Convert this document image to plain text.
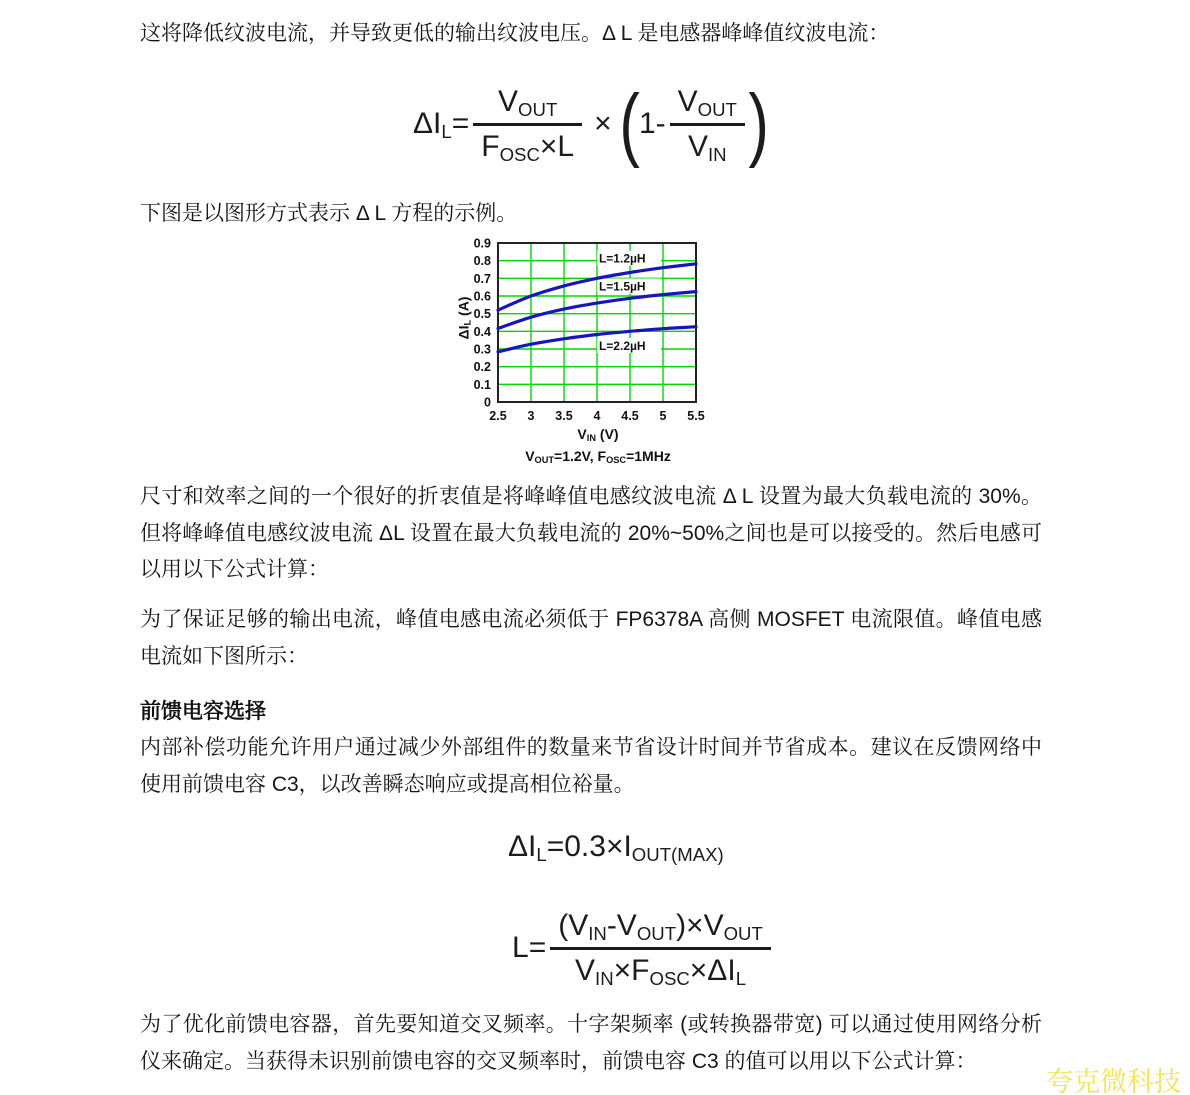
这将降低纹波电流，并导致更低的输出纹波电压。Δ L 是电感器峰峰值纹波电流：
$\Delta I_L = \frac{V_{OUT}}{F_{OSC}\times L}$ × ( $1- \frac{V_{OUT}}{V_{IN}}$ )
下图是以图形方式表示 Δ L 方程的示例。
L=1.2µH
L=1.5µH
L=2.2µH
2.5 3 3.5 4 4.5 5 5.5
0
0.1
0.2
0.3
0.4
0.5
0.6
0.7
0.8
0.9
$\Delta I_L$ (A)
$V_{IN}$ (V)
$V_{OUT}=1.2V$, $F_{OSC}=1MHz$
尺寸和效率之间的一个很好的折衷值是将峰峰值电感纹波电流 Δ L 设置为最大负载电流的 30%。但将峰峰值电感纹波电流 ΔL 设置在最大负载电流的 20%~50%之间也是可以接受的。然后电感可以用以下公式计算：
为了保证足够的输出电流，峰值电感电流必须低于 FP6378A 高侧 MOSFET 电流限值。峰值电感电流如下图所示：
前馈电容选择
内部补偿功能允许用户通过减少外部组件的数量来节省设计时间并节省成本。建议在反馈网络中使用前馈电容 C3，以改善瞬态响应或提高相位裕量。
$\Delta I_L =0.3\times I_{OUT(MAX)}$
$L = \frac{(V_{IN}-V_{OUT})\times V_{OUT}}{V_{IN}\times F_{OSC}\times\Delta I_L}$
为了优化前馈电容器，首先要知道交叉频率。十字架频率 (或转换器带宽) 可以通过使用网络分析仪来确定。当获得未识别前馈电容的交叉频率时，前馈电容 C3 的值可以用以下公式计算：
夸克微科技
